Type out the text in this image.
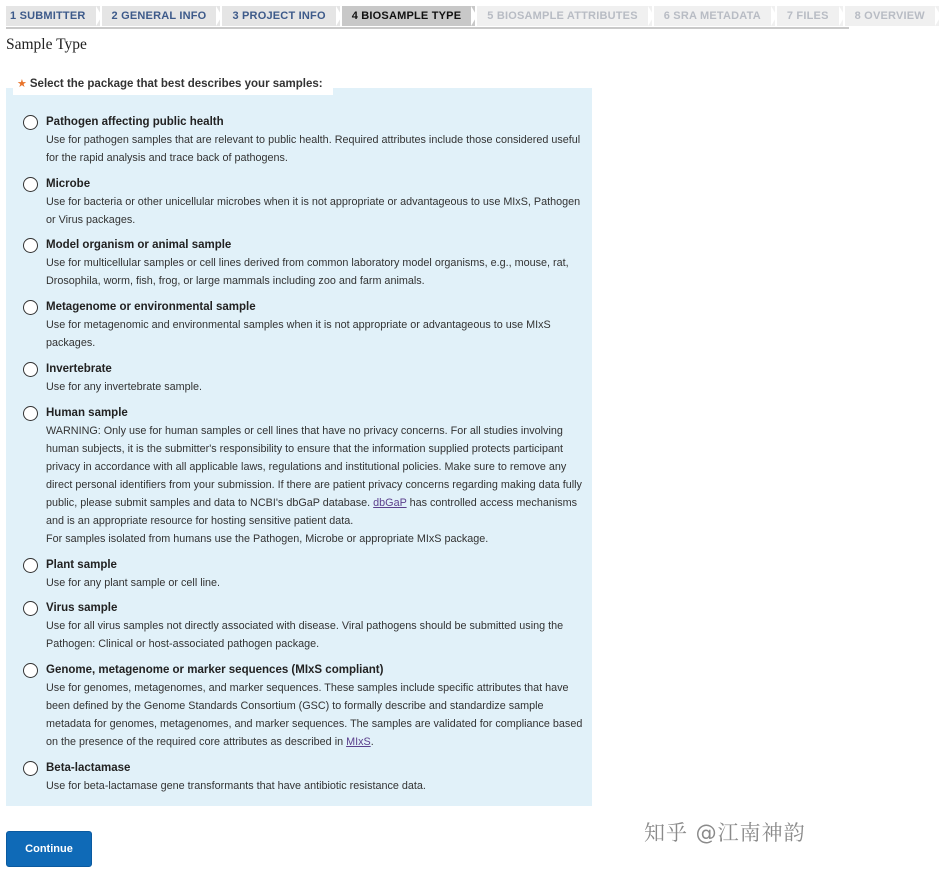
1 SUBMITTER	2 GENERAL INFO	3 PROJECT INFO	4 BIOSAMPLE TYPE	5 BIOSAMPLE ATTRIBUTES	6 SRA METADATA	7 FILES	8 OVERVIEW
Sample Type
Pathogen affecting public health
Use for pathogen samples that are relevant to public health. Required attributes include those considered useful for the rapid analysis and trace back of pathogens.
Microbe
Use for bacteria or other unicellular microbes when it is not appropriate or advantageous to use MIxS, Pathogen or Virus packages.
Model organism or animal sample
Use for multicellular samples or cell lines derived from common laboratory model organisms, e.g., mouse, rat, Drosophila, worm, fish, frog, or large mammals including zoo and farm animals.
Metagenome or environmental sample
Use for metagenomic and environmental samples when it is not appropriate or advantageous to use MIxS packages.
Invertebrate
Use for any invertebrate sample.
Human sample
WARNING: Only use for human samples or cell lines that have no privacy concerns. For all studies involving human subjects, it is the submitter's responsibility to ensure that the information supplied protects participant privacy in accordance with all applicable laws, regulations and institutional policies. Make sure to remove any direct personal identifiers from your submission. If there are patient privacy concerns regarding making data fully public, please submit samples and data to NCBI's dbGaP database. dbGaP has controlled access mechanisms and is an appropriate resource for hosting sensitive patient data.
For samples isolated from humans use the Pathogen, Microbe or appropriate MIxS package.
Plant sample
Use for any plant sample or cell line.
Virus sample
Use for all virus samples not directly associated with disease. Viral pathogens should be submitted using the Pathogen: Clinical or host-associated pathogen package.
Genome, metagenome or marker sequences (MIxS compliant)
Use for genomes, metagenomes, and marker sequences. These samples include specific attributes that have been defined by the Genome Standards Consortium (GSC) to formally describe and standardize sample metadata for genomes, metagenomes, and marker sequences. The samples are validated for compliance based on the presence of the required core attributes as described in MIxS.
Beta-lactamase
Use for beta-lactamase gene transformants that have antibiotic resistance data.
★ Select the package that best describes your samples:
Continue
知乎 @江南神韵
